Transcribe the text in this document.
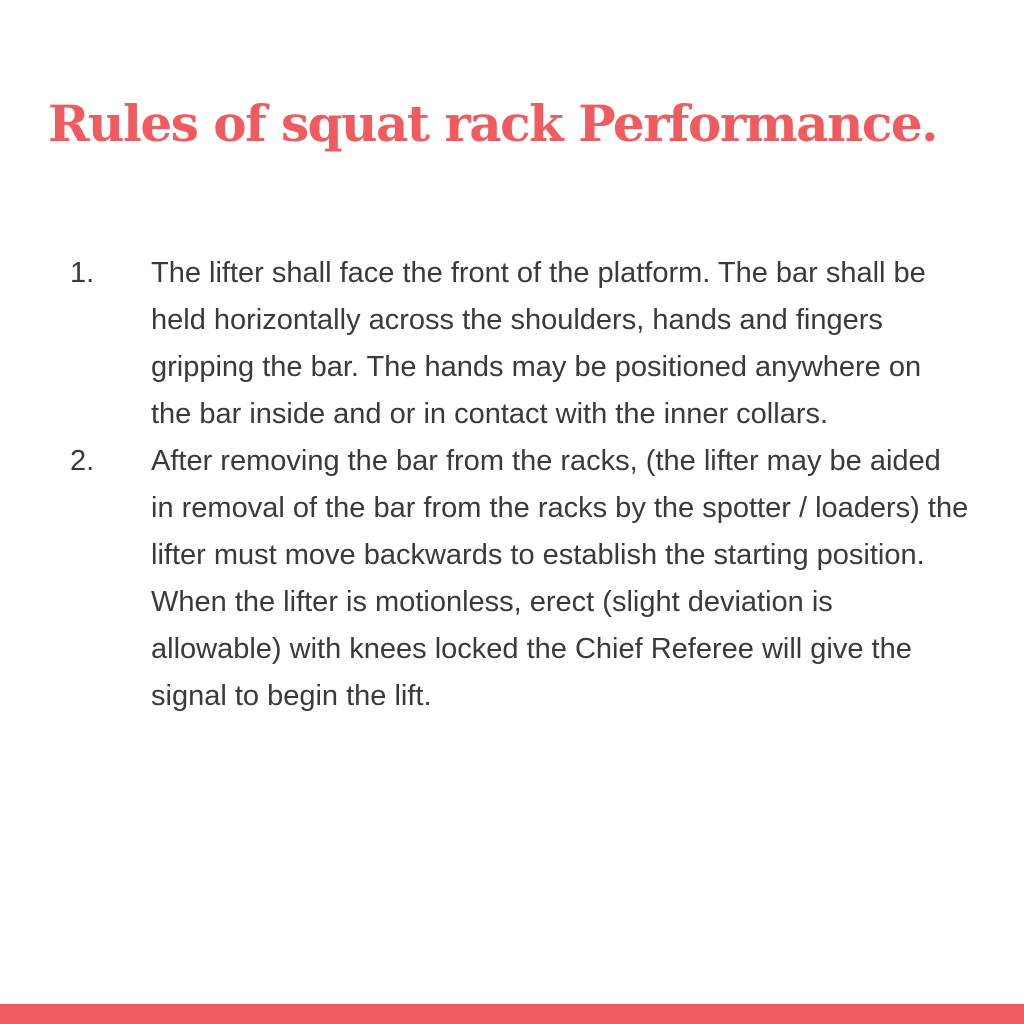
Rules of squat rack Performance.
1. The lifter shall face the front of the platform. The bar shall be held horizontally across the shoulders, hands and fingers gripping the bar. The hands may be positioned anywhere on the bar inside and or in contact with the inner collars.
2. After removing the bar from the racks, (the lifter may be aided in removal of the bar from the racks by the spotter / loaders) the lifter must move backwards to establish the starting position. When the lifter is motionless, erect (slight deviation is allowable) with knees locked the Chief Referee will give the signal to begin the lift.
